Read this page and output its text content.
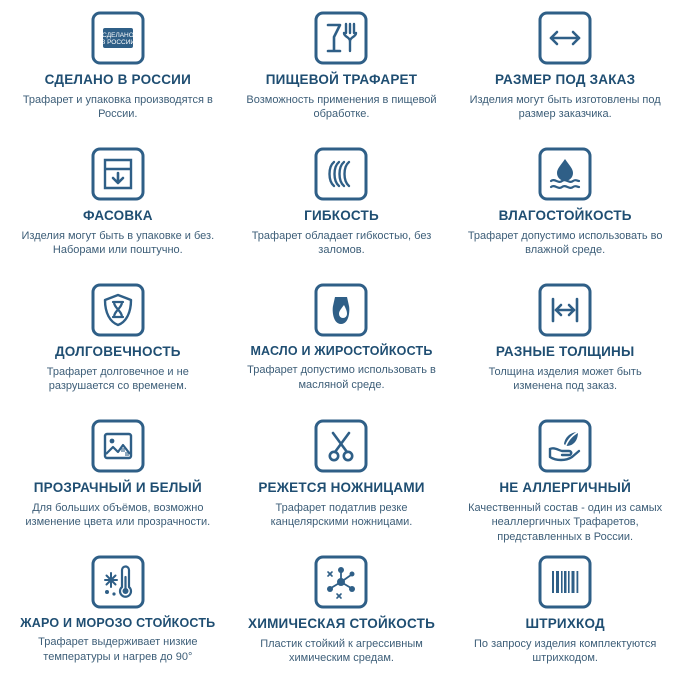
СДЕЛАНО
В РОССИИ
СДЕЛАНО В РОССИИ
Трафарет и упаковка производятся в России.
ПИЩЕВОЙ ТРАФАРЕТ
Возможность применения в пищевой обработке.
РАЗМЕР ПОД ЗАКАЗ
Изделия могут быть изготовлены под размер заказчика.
ФАСОВКА
Изделия могут быть в упаковке и без. Наборами или поштучно.
ГИБКОСТЬ
Трафарет обладает гибкостью, без заломов.
ВЛАГОСТОЙКОСТЬ
Трафарет допустимо использовать во влажной среде.
ДОЛГОВЕЧНОСТЬ
Трафарет долговечное и не разрушается со временем.
МАСЛО И ЖИРОСТОЙКОСТЬ
Трафарет допустимо использовать в масляной среде.
РАЗНЫЕ ТОЛЩИНЫ
Толщина изделия может быть изменена под заказ.
ПРОЗРАЧНЫЙ И БЕЛЫЙ
Для больших объёмов, возможно изменение цвета или прозрачности.
РЕЖЕТСЯ НОЖНИЦАМИ
Трафарет податлив резке канцелярскими ножницами.
НЕ АЛЛЕРГИЧНЫЙ
Качественный состав - один из самых неаллергичных Трафаретов, представленных в России.
ЖАРО И МОРОЗО СТОЙКОСТЬ
Трафарет выдерживает низкие температуры и нагрев до 90°
ХИМИЧЕСКАЯ СТОЙКОСТЬ
Пластик стойкий к агрессивным химическим средам.
ШТРИХКОД
По запросу изделия комплектуются штрихкодом.
